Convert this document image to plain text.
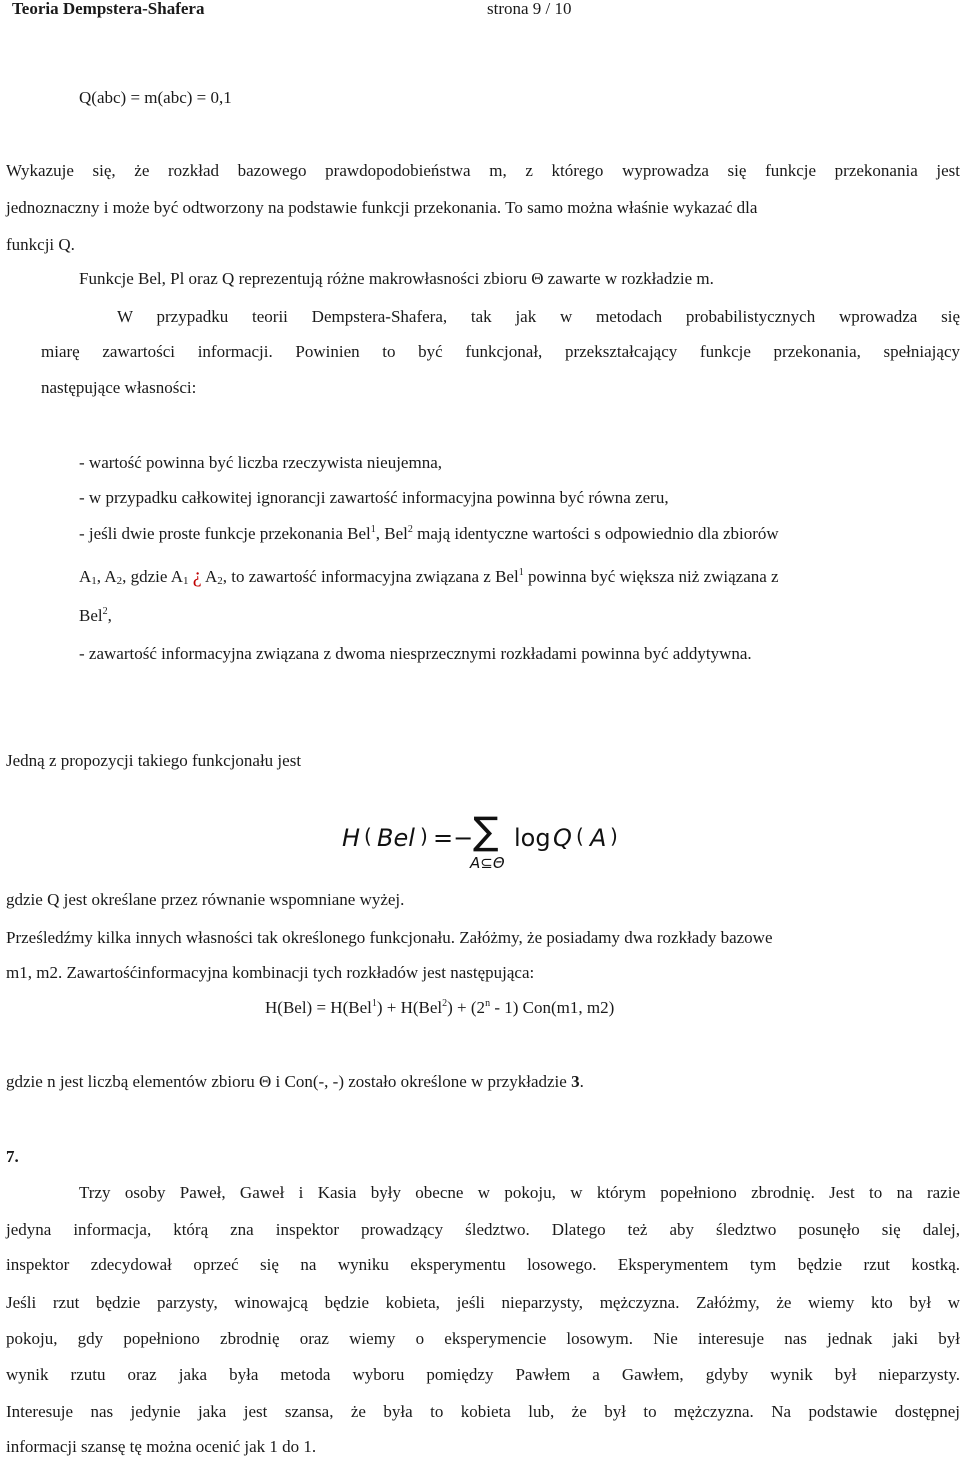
Teoria Dempstera-Shafera	strona 9 / 10
Q(abc) = m(abc) = 0,1
Wykazuje się, że rozkład bazowego prawdopodobieństwa m, z którego wyprowadza się funkcje przekonania jest
jednoznaczny i może być odtworzony na podstawie funkcji przekonania. To samo można właśnie wykazać dla
funkcji Q.
Funkcje Bel, Pl oraz Q reprezentują różne makrowłasności zbioru Θ zawarte w rozkładzie m.
W przypadku teorii Dempstera-Shafera, tak jak w metodach probabilistycznych wprowadza się
miarę zawartości informacji. Powinien to być funkcjonał, przekształcający funkcje przekonania, spełniający
następujące własności:
- wartość powinna być liczba rzeczywista nieujemna,
- w przypadku całkowitej ignorancji zawartość informacyjna powinna być równa zeru,
- jeśli dwie proste funkcje przekonania Bel$^1$, Bel$^2$ mają identyczne wartości s odpowiednio dla zbiorów
$A_1$, $A_2$, gdzie $A_1$ ¿ $A_2$, to zawartość informacyjna związana z Bel$^1$ powinna być większa niż związana z
Bel$^2$,
- zawartość informacyjna związana z dwoma niesprzecznymi rozkładami powinna być addytywna.
Jedną z propozycji takiego funkcjonału jest
H ( Bel ) =− ∑ log Q ( A )
A⊆Θ
gdzie Q jest określane przez równanie wspomniane wyżej.
Prześledźmy kilka innych własności tak określonego funkcjonału. Załóżmy, że posiadamy dwa rozkłady bazowe
m1, m2. Zawartośćinformacyjna kombinacji tych rozkładów jest następująca:
$H(Bel) = H(Bel^1) + H(Bel^2) + (2^n - 1)$ Con(m1, m2)
gdzie n jest liczbą elementów zbioru Θ i Con(-, -) zostało określone w przykładzie 3.
7.
Trzy osoby Paweł, Gaweł i Kasia były obecne w pokoju, w którym popełniono zbrodnię. Jest to na razie
jedyna informacja, którą zna inspektor prowadzący śledztwo. Dlatego też aby śledztwo posunęło się dalej,
inspektor zdecydował oprzeć się na wyniku eksperymentu losowego. Eksperymentem tym będzie rzut kostką.
Jeśli rzut będzie parzysty, winowajcą będzie kobieta, jeśli nieparzysty, mężczyzna. Załóżmy, że wiemy kto był w
pokoju, gdy popełniono zbrodnię oraz wiemy o eksperymencie losowym. Nie interesuje nas jednak jaki był
wynik rzutu oraz jaka była metoda wyboru pomiędzy Pawłem a Gawłem, gdyby wynik był nieparzysty.
Interesuje nas jedynie jaka jest szansa, że była to kobieta lub, że był to mężczyzna. Na podstawie dostępnej
informacji szansę tę można ocenić jak 1 do 1.
